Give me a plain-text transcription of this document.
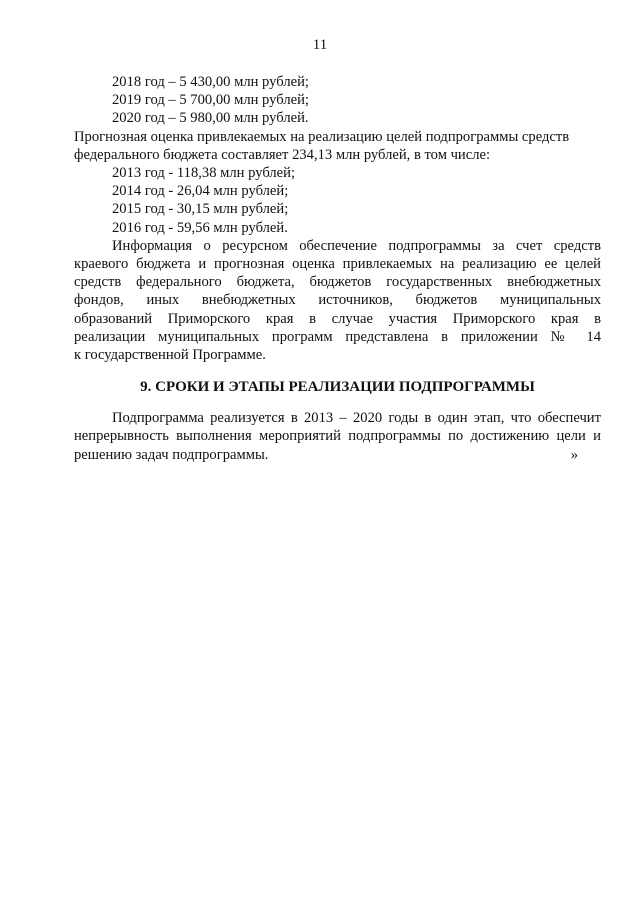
11
2018 год – 5 430,00 млн рублей;
2019 год – 5 700,00 млн рублей;
2020 год – 5 980,00 млн рублей.
Прогнозная оценка привлекаемых на реализацию целей подпрограммы средств
федерального бюджета составляет 234,13 млн рублей, в том числе:
2013 год - 118,38 млн рублей;
2014 год - 26,04 млн рублей;
2015 год - 30,15 млн рублей;
2016 год - 59,56 млн рублей.
Информация о ресурсном обеспечение подпрограммы за счет средств
краевого бюджета и прогнозная оценка привлекаемых на реализацию ее целей
средств федерального бюджета, бюджетов государственных внебюджетных
фондов, иных внебюджетных источников, бюджетов муниципальных
образований Приморского края в случае участия Приморского края в
реализации муниципальных программ представлена в приложении № 14
к государственной Программе.
9. СРОКИ И ЭТАПЫ РЕАЛИЗАЦИИ ПОДПРОГРАММЫ
Подпрограмма реализуется в 2013 – 2020 годы в один этап, что обеспечит
непрерывность выполнения мероприятий подпрограммы по достижению цели и
решению задач подпрограммы.	»
